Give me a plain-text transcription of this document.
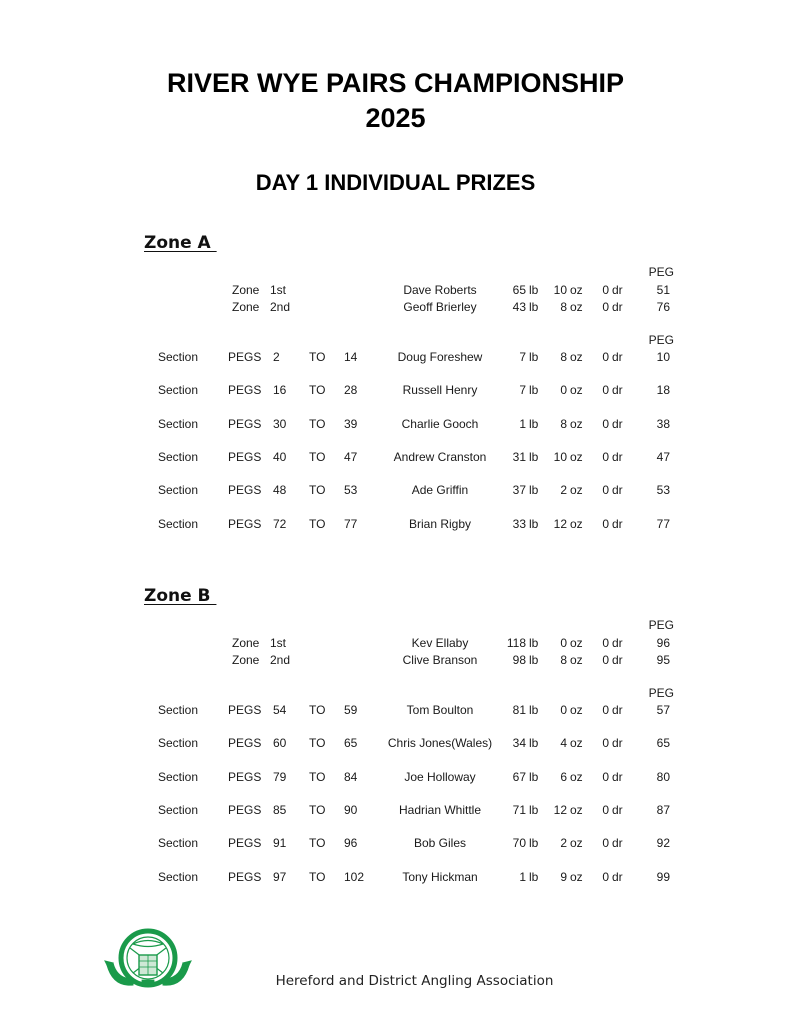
RIVER WYE PAIRS CHAMPIONSHIP
2025
DAY 1 INDIVIDUAL PRIZES
Zone A
PEG
Zone 1st	Dave Roberts	65 lb	10 oz	0 dr	51
Zone 2nd	Geoff Brierley	43 lb	8 oz	0 dr	76
PEG
Section PEGS 2 TO 14	Doug Foreshew	7 lb	8 oz	0 dr	10
Section PEGS 16 TO 28	Russell Henry	7 lb	0 oz	0 dr	18
Section PEGS 30 TO 39	Charlie Gooch	1 lb	8 oz	0 dr	38
Section PEGS 40 TO 47	Andrew Cranston	31 lb	10 oz	0 dr	47
Section PEGS 48 TO 53	Ade Griffin	37 lb	2 oz	0 dr	53
Section PEGS 72 TO 77	Brian Rigby	33 lb	12 oz	0 dr	77
Zone B
PEG
Zone 1st	Kev Ellaby	118 lb	0 oz	0 dr	96
Zone 2nd	Clive Branson	98 lb	8 oz	0 dr	95
PEG
Section PEGS 54 TO 59	Tom Boulton	81 lb	0 oz	0 dr	57
Section PEGS 60 TO 65	Chris Jones(Wales)	34 lb	4 oz	0 dr	65
Section PEGS 79 TO 84	Joe Holloway	67 lb	6 oz	0 dr	80
Section PEGS 85 TO 90	Hadrian Whittle	71 lb	12 oz	0 dr	87
Section PEGS 91 TO 96	Bob Giles	70 lb	2 oz	0 dr	92
Section PEGS 97 TO 102	Tony Hickman	1 lb	9 oz	0 dr	99
Hereford and District Angling Association
